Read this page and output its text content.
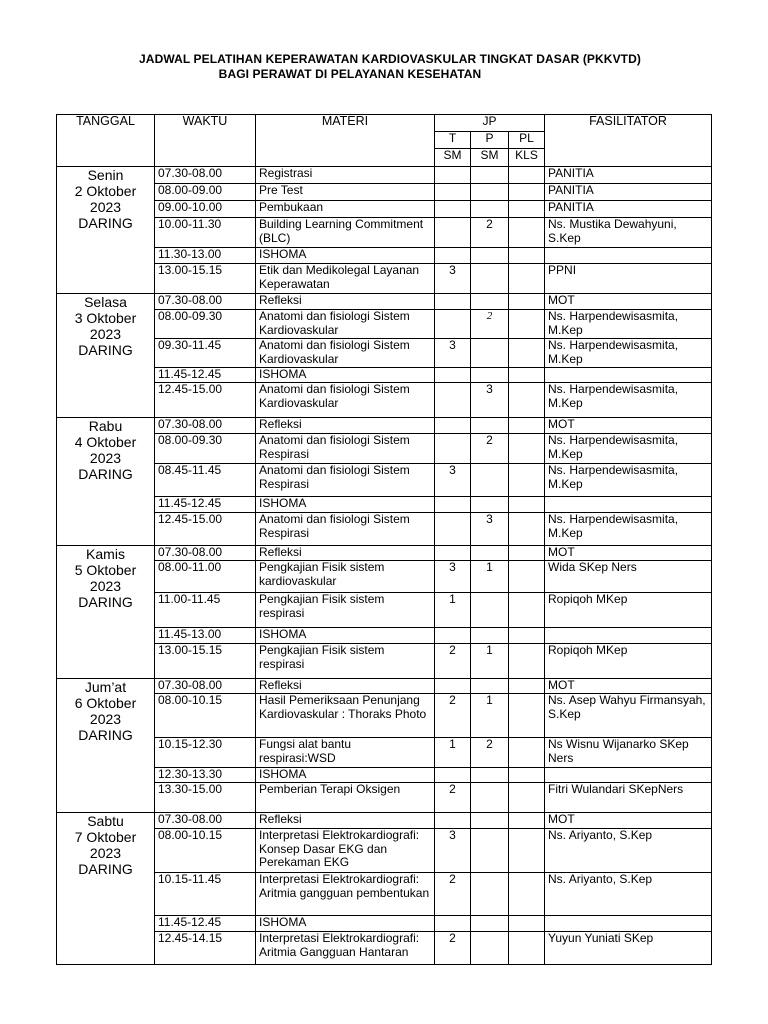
JADWAL PELATIHAN KEPERAWATAN KARDIOVASKULAR TINGKAT DASAR (PKKVTD)
BAGI PERAWAT DI PELAYANAN KESEHATAN
TANGGAL	WAKTU	MATERI	JP			FASILITATOR
			T	P	PL	
			SM	SM	KLS	

Senin
2 Oktober
2023
DARING	07.30-08.00	Registrasi				PANITIA
	08.00-09.00	Pre Test				PANITIA
	09.00-10.00	Pembukaan				PANITIA
	10.00-11.30	Building Learning Commitment (BLC)		2		Ns. Mustika Dewahyuni, S.Kep
	11.30-13.00	ISHOMA				
	13.00-15.15	Etik dan Medikolegal Layanan Keperawatan	3			PPNI

Selasa
3 Oktober
2023
DARING	07.30-08.00	Refleksi				MOT
	08.00-09.30	Anatomi dan fisiologi Sistem Kardiovaskular		2		Ns. Harpendewisasmita, M.Kep
	09.30-11.45	Anatomi dan fisiologi Sistem Kardiovaskular	3			Ns. Harpendewisasmita, M.Kep
	11.45-12.45	ISHOMA				
	12.45-15.00	Anatomi dan fisiologi Sistem Kardiovaskular		3		Ns. Harpendewisasmita, M.Kep

Rabu
4 Oktober
2023
DARING	07.30-08.00	Refleksi				MOT
	08.00-09.30	Anatomi dan fisiologi Sistem Respirasi		2		Ns. Harpendewisasmita, M.Kep
	08.45-11.45	Anatomi dan fisiologi Sistem Respirasi	3			Ns. Harpendewisasmita, M.Kep
	11.45-12.45	ISHOMA				
	12.45-15.00	Anatomi dan fisiologi Sistem Respirasi		3		Ns. Harpendewisasmita, M.Kep

Kamis
5 Oktober
2023
DARING	07.30-08.00	Refleksi				MOT
	08.00-11.00	Pengkajian Fisik sistem kardiovaskular	3	1		Wida SKep Ners
	11.00-11.45	Pengkajian Fisik sistem respirasi	1			Ropiqoh MKep
	11.45-13.00	ISHOMA				
	13.00-15.15	Pengkajian Fisik sistem respirasi	2	1		Ropiqoh MKep

Jum’at
6 Oktober
2023
DARING	07.30-08.00	Refleksi				MOT
	08.00-10.15	Hasil Pemeriksaan Penunjang Kardiovaskular : Thoraks Photo	2	1		Ns. Asep Wahyu Firmansyah, S.Kep
	10.15-12.30	Fungsi alat bantu respirasi:WSD	1	2		Ns Wisnu Wijanarko SKep Ners
	12.30-13.30	ISHOMA				
	13.30-15.00	Pemberian Terapi Oksigen	2			Fitri Wulandari SKepNers

Sabtu
7 Oktober
2023
DARING	07.30-08.00	Refleksi				MOT
	08.00-10.15	Interpretasi Elektrokardiografi: Konsep Dasar EKG dan Perekaman EKG	3			Ns. Ariyanto, S.Kep
	10.15-11.45	Interpretasi Elektrokardiografi: Aritmia gangguan pembentukan	2			Ns. Ariyanto, S.Kep
	11.45-12.45	ISHOMA				
	12.45-14.15	Interpretasi Elektrokardiografi: Aritmia Gangguan Hantaran	2			Yuyun Yuniati SKep
